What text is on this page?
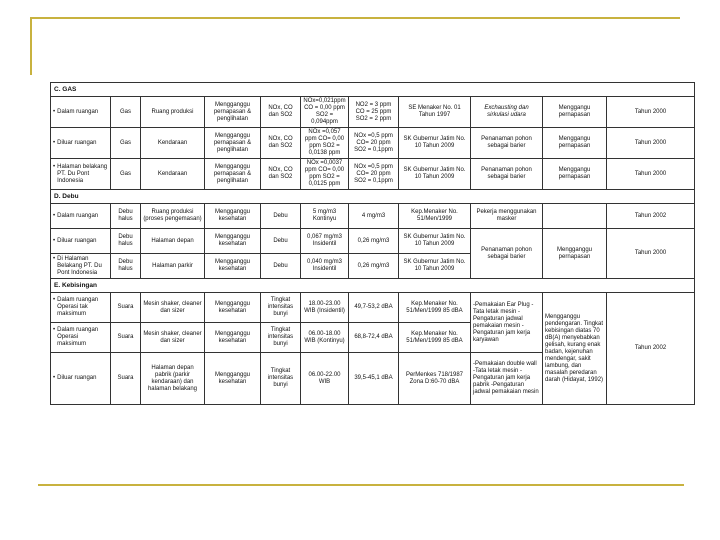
C. GAS										

• Dalam ruangan	Gas	Ruang produksi	Mengganggu pernapasan & penglihatan	NOx, CO dan SO2	NOx=0,021ppm CO = 0,00 ppm SO2 = 0,094ppm	NO2 = 3 ppm CO = 25 ppm SO2 = 2 ppm	SE Menaker No. 01 Tahun 1997	Exchausting dan sirkulasi udara	Menggangu pernapasan	Tahun 2000

• Diluar ruangan	Gas	Kendaraan	Mengganggu pernapasan & penglihatan	NOx, CO dan SO2	NOx =0,057 ppm CO= 0,00 ppm SO2 = 0,0138 ppm	NOx =0,5 ppm CO= 20 ppm SO2 = 0,1ppm	SK Gubernur Jatim No. 10 Tahun 2009	Penanaman pohon sebagai barier	Menggangu pernapasan	Tahun 2000

• Halaman belakang PT. Du Pont Indonesia	Gas	Kendaraan	Mengganggu pernapasan & penglihatan	NOx, CO dan SO2	NOx =0,0037 ppm CO= 0,00 ppm SO2 = 0,0125 ppm	NOx =0,5 ppm CO= 20 ppm SO2 = 0,1ppm	SK Gubernur Jatim No. 10 Tahun 2009	Penanaman pohon sebagai barier	Menggangu pernapasan	Tahun 2000
D. Debu										

• Dalam ruangan	Debu halus	Ruang produksi (proses pengemasan)	Mengganggu kesehatan	Debu	5 mg/m3 Kontinyu	4 mg/m3	Kep.Menaker No. 51/Men/1999	Pekerja menggunakan masker		Tahun 2002

• Diluar ruangan	Debu halus	Halaman depan	Mengganggu kesehatan	Debu	0,067 mg/m3 Insidentil	0,26 mg/m3	SK Gubernur Jatim No. 10 Tahun 2009	Penanaman pohon sebagai barier	Mengganggu pernapasan	Tahun 2000

• Di Halaman Belakang PT. Du Pont Indonesia	Debu halus	Halaman parkir	Mengganggu kesehatan	Debu	0,040 mg/m3 Insidentil	0,26 mg/m3	SK Gubernur Jatim No. 10 Tahun 2009			
E. Kebisingan										

• Dalam ruangan Operasi tak maksimum	Suara	Mesin shaker, cleaner dan sizer	Mengganggu kesehatan	Tingkat intensitas bunyi	18.00-23.00 WIB (Insidentil)	49,7-53,2 dBA	Kep.Menaker No. 51/Men/1999 85 dBA	-Pemakaian Ear Plug -Tata letak mesin -Pengaturan jadwal pemakaian mesin -Pengaturan jam kerja karyawan	Mengganggu pendengaran. Tingkat kebisingan diatas 70 dB(A) menyebabkan gelisah, kurang enak badan, kejenuhan mendengar, sakit lambung, dan masalah peredaran darah (Hidayat, 1992)	Tahun 2002

• Dalam ruangan Operasi maksimum	Suara	Mesin shaker, cleaner dan sizer	Mengganggu kesehatan	Tingkat intensitas bunyi	06.00-18.00 WIB (Kontinyu)	68,8-72,4 dBA	Kep.Menaker No. 51/Men/1999 85 dBA			

• Diluar ruangan	Suara	Halaman depan pabrik (parkir kendaraan) dan halaman belakang	Mengganggu kesehatan	Tingkat intensitas bunyi	06.00-22.00 WIB	39,5-45,1 dBA	PerMenkes 718/1987 Zona D:60-70 dBA	-Pemakaian double wall -Tata letak mesin -Pengaturan jam kerja pabrik -Pengaturan jadwal pemakaian mesin		
